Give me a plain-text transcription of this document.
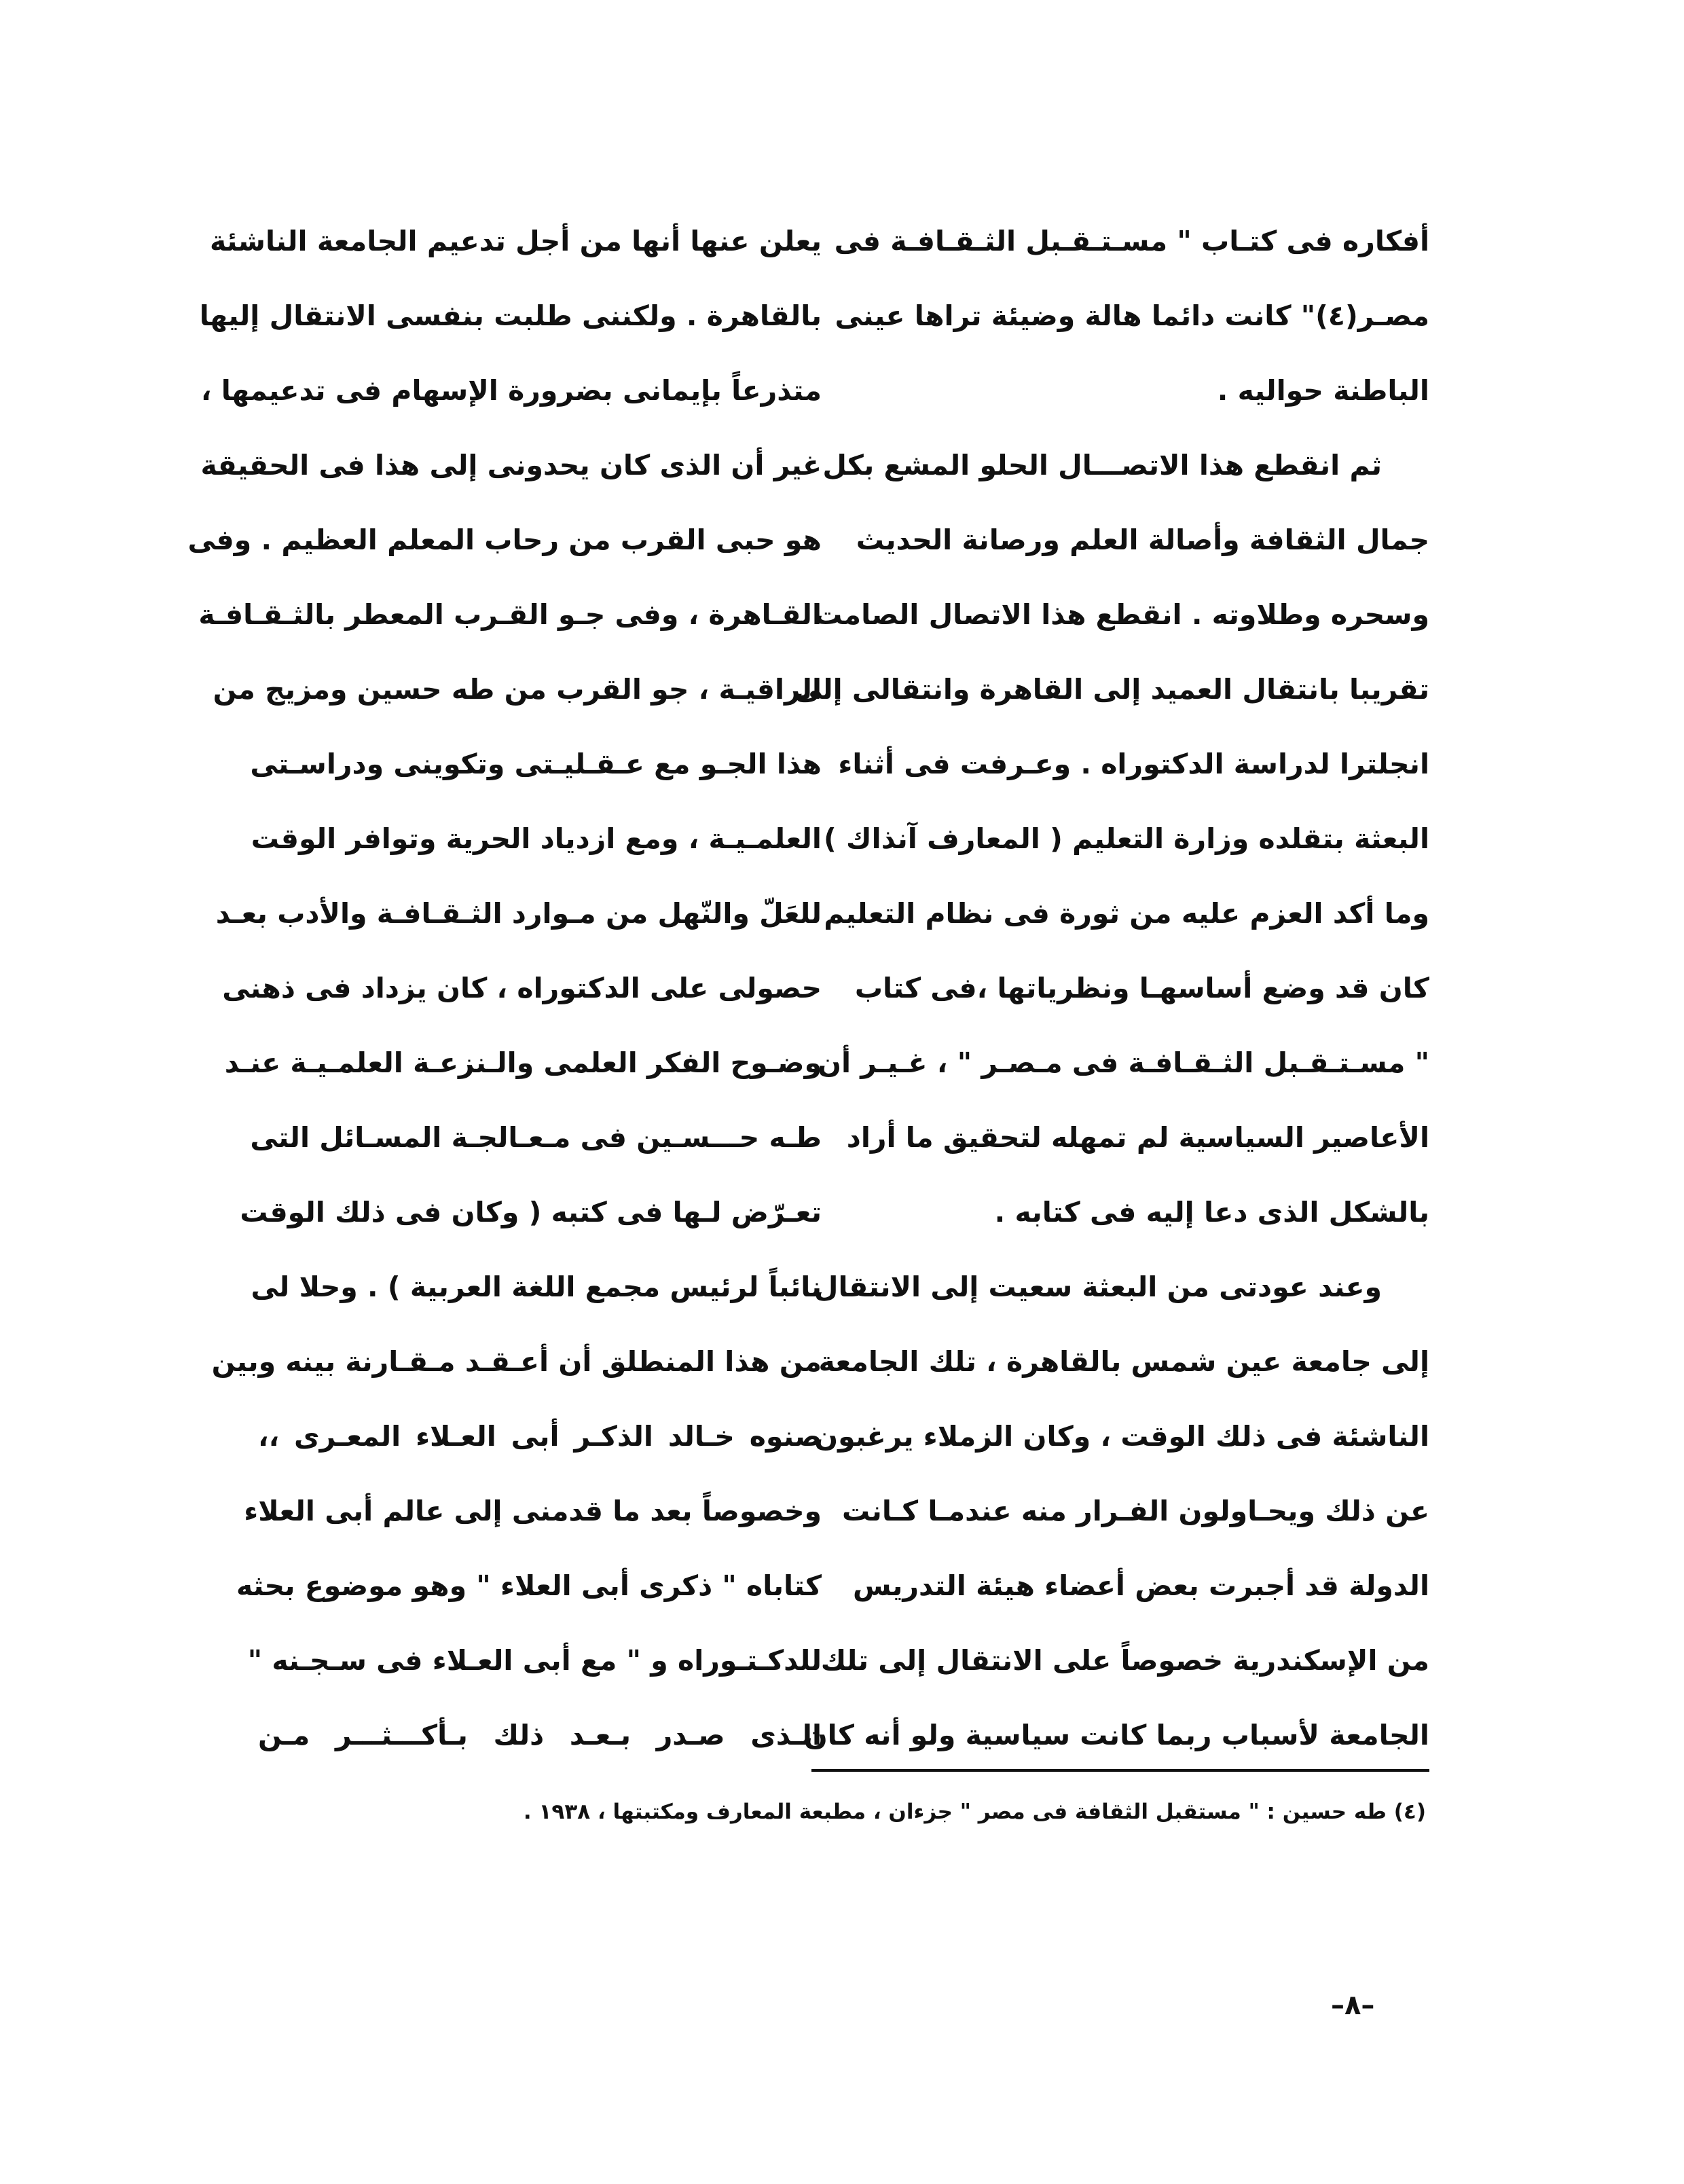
أفكاره فى كتـاب " مسـتـقـبل الثـقـافـة فى
مصـر(٤)" كانت دائما هالة وضيئة تراها عينى
الباطنة حواليه .
ثم انقطع هذا الاتصـــال الحلو المشع بكل
جمال الثقافة وأصالة العلم ورصانة الحديث
وسحره وطلاوته . انقطع هذا الاتصال الصامت
تقريبا بانتقال العميد إلى القاهرة وانتقالى إلى
انجلترا لدراسة الدكتوراه . وعـرفت فى أثناء
البعثة بتقلده وزارة التعليم ( المعارف آنذاك )
وما أكد العزم عليه من ثورة فى نظام التعليم
كان قد وضع أساسهـا ونظرياتها ،فى كتاب
" مسـتـقـبل الثـقـافـة فى مـصـر " ، غـيـر أن
الأعاصير السياسية لم تمهله لتحقيق ما أراد
بالشكل الذى دعا إليه فى كتابه .
وعند عودتى من البعثة سعيت إلى الانتقال
إلى جامعة عين شمس بالقاهرة ، تلك الجامعة
الناشئة فى ذلك الوقت ، وكان الزملاء يرغبون
عن ذلك ويحـاولون الفـرار منه عندمـا كـانت
الدولة قد أجبرت بعض أعضاء هيئة التدريس
من الإسكندرية خصوصاً على الانتقال إلى تلك
الجامعة لأسباب ربما كانت سياسية ولو أنه كان
يعلن عنها أنها من أجل تدعيم الجامعة الناشئة
بالقاهرة . ولكننى طلبت بنفسى الانتقال إليها
متذرعاً بإيمانى بضرورة الإسهام فى تدعيمها ،
غير أن الذى كان يحدونى إلى هذا فى الحقيقة
هو حبى القرب من رحاب المعلم العظيم . وفى
القـاهرة ، وفى جـو القـرب المعطر بالثـقـافـة
الراقيـة ، جو القرب من طه حسين ومزيج من
هذا الجـو مع عـقـليـتى وتكوينى ودراسـتى
العلمـيـة ، ومع ازدياد الحرية وتوافر الوقت
للعَلّ والنّهل من مـوارد الثـقـافـة والأدب بعـد
حصولى على الدكتوراه ، كان يزداد فى ذهنى
وضـوح الفكر العلمى والـنزعـة العلمـيـة عنـد
طـه حـــسـين فى مـعـالجـة المسـائل التى
تعـرّض لـها فى كتبه ( وكان فى ذلك الوقت
نائباً لرئيس مجمع اللغة العربية ) . وحلا لى
من هذا المنطلق أن أعـقـد مـقـارنة بينه وبين
صنوه خـالد الذكـر أبى العـلاء المعـرى ،،
وخصوصاً بعد ما قدمنى إلى عالم أبى العلاء
كتاباه " ذكرى أبى العلاء " وهو موضوع بحثه
للدكـتـوراه و " مع أبى العـلاء فى سـجـنه "
الـذى صـدر بـعـد ذلك بـأكـــثـــر مـن
(٤) طه حسين : " مستقبل الثقافة فى مصر " جزءان ، مطبعة المعارف ومكتبتها ، ١٩٣٨ .
–٨–
